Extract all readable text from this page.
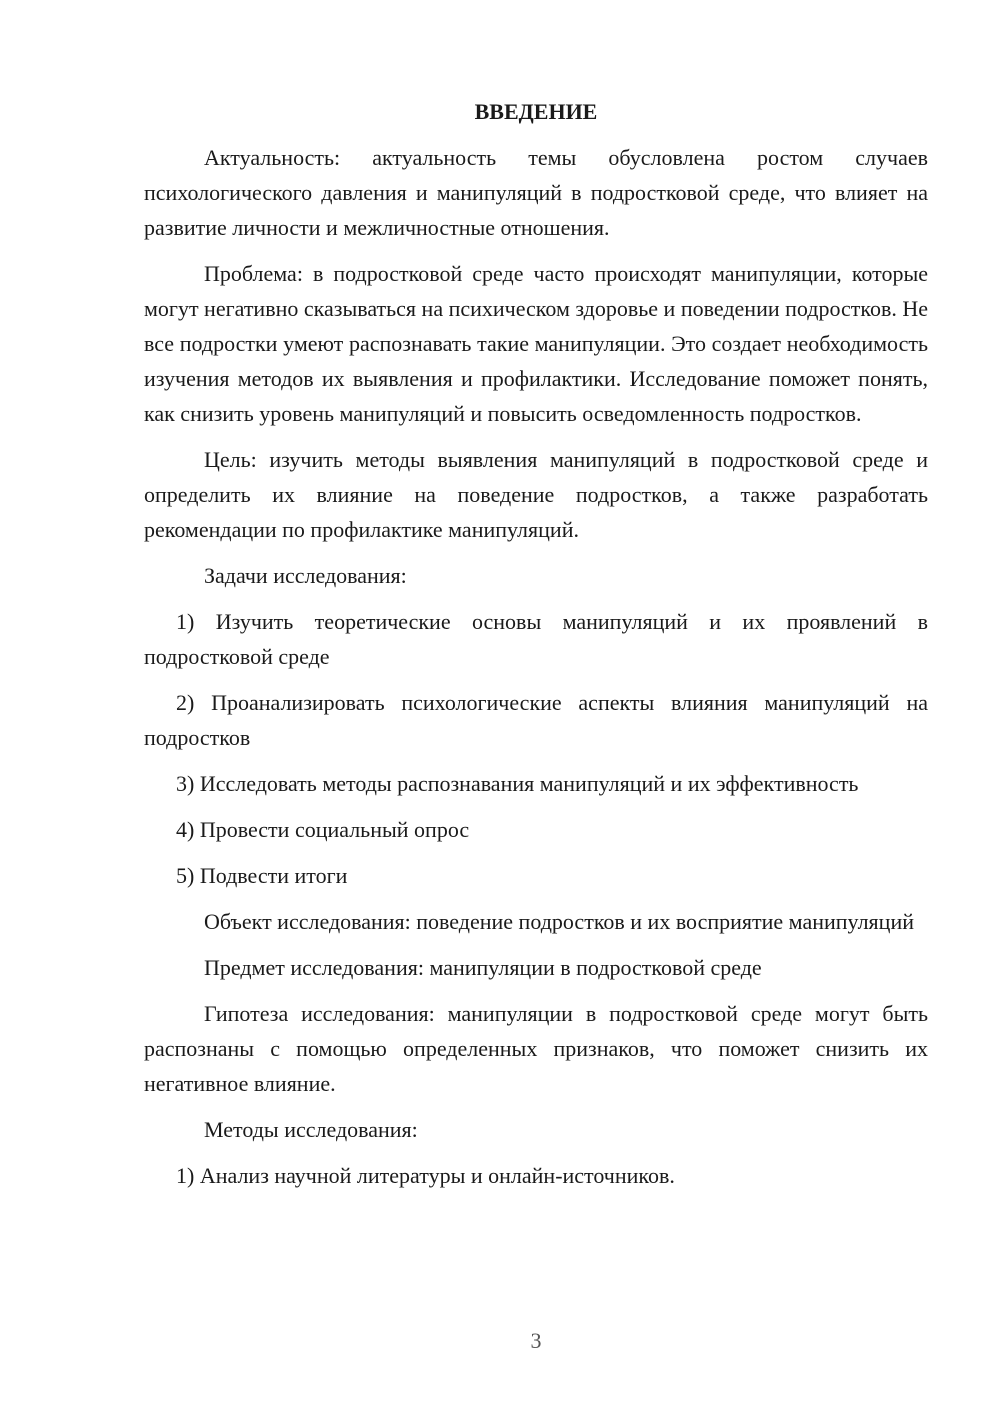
ВВЕДЕНИЕ

Актуальность: актуальность темы обусловлена ростом случаев психологического давления и манипуляций в подростковой среде, что влияет на развитие личности и межличностные отношения.

Проблема: в подростковой среде часто происходят манипуляции, которые могут негативно сказываться на психическом здоровье и поведении подростков. Не все подростки умеют распознавать такие манипуляции. Это создает необходимость изучения методов их выявления и профилактики. Исследование поможет понять, как снизить уровень манипуляций и повысить осведомленность подростков.

Цель: изучить методы выявления манипуляций в подростковой среде и определить их влияние на поведение подростков, а также разработать рекомендации по профилактике манипуляций.

Задачи исследования:

1) Изучить теоретические основы манипуляций и их проявлений в подростковой среде

2) Проанализировать психологические аспекты влияния манипуляций на подростков

3) Исследовать методы распознавания манипуляций и их эффективность

4) Провести социальный опрос

5) Подвести итоги

Объект исследования: поведение подростков и их восприятие манипуляций

Предмет исследования: манипуляции в подростковой среде

Гипотеза исследования: манипуляции в подростковой среде могут быть распознаны с помощью определенных признаков, что поможет снизить их негативное влияние.

Методы исследования:

1) Анализ научной литературы и онлайн-источников.

3
